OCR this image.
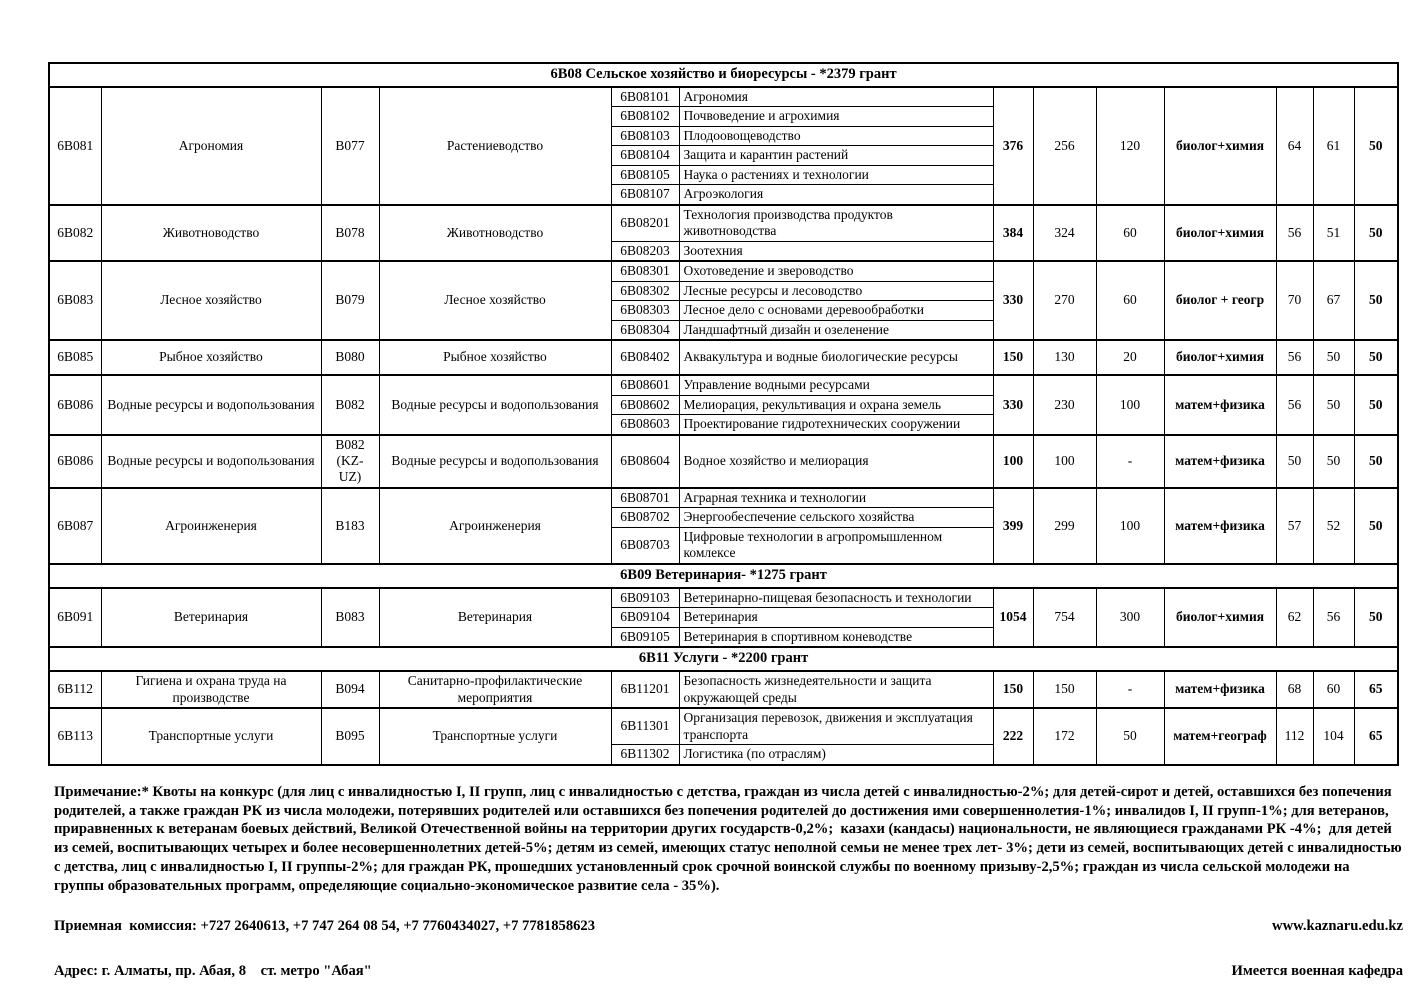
6В08 Сельское хозяйство и биоресурсы - *2379 грант												
6В081	Агрономия	В077	Растениеводство	6В08101	Агрономия	376	256	120	биолог+химия	64	61	50
				6В08102	Почвоведение и агрохимия							
				6В08103	Плодоовощеводство							
				6В08104	Защита и карантин растений							
				6В08105	Наука о растениях и технологии							
				6В08107	Агроэкология							
6В082	Животноводство	В078	Животноводство	6В08201	Технология производства продуктов животноводства	384	324	60	биолог+химия	56	51	50
				6В08203	Зоотехния							
6В083	Лесное хозяйство	В079	Лесное хозяйство	6В08301	Охотоведение и звероводство	330	270	60	биолог + геогр	70	67	50
				6В08302	Лесные ресурсы и лесоводство							
				6В08303	Лесное дело с основами деревообработки							
				6В08304	Ландшафтный дизайн и озеленение							
6В085	Рыбное хозяйство	В080	Рыбное хозяйство	6В08402	Аквакультура и водные биологические ресурсы	150	130	20	биолог+химия	56	50	50
6В086	Водные ресурсы и водопользования	В082	Водные ресурсы и водопользования	6В08601	Управление водными ресурсами	330	230	100	матем+физика	56	50	50
				6В08602	Мелиорация, рекультивация и охрана земель							
				6В08603	Проектирование гидротехнических сооружении							
6В086	Водные ресурсы и водопользования	В082 (KZ-UZ)	Водные ресурсы и водопользования	6В08604	Водное хозяйство и мелиорация	100	100	-	матем+физика	50	50	50
6В087	Агроинженерия	В183	Агроинженерия	6В08701	Аграрная техника и технологии	399	299	100	матем+физика	57	52	50
				6В08702	Энергообеспечение сельского хозяйства							
				6В08703	Цифровые технологии в агропромышленном комлексе							
6В09 Ветеринария- *1275 грант												
6В091	Ветеринария	В083	Ветеринария	6В09103	Ветеринарно-пищевая безопасность и технологии	1054	754	300	биолог+химия	62	56	50
				6В09104	Ветеринария							
				6В09105	Ветеринария в спортивном коневодстве							
6В11 Услуги - *2200 грант												
6В112	Гигиена и охрана труда на производстве	В094	Санитарно-профилактические мероприятия	6В11201	Безопасность жизнедеятельности и защита окружающей среды	150	150	-	матем+физика	68	60	65
6В113	Транспортные услуги	В095	Транспортные услуги	6В11301	Организация перевозок, движения и эксплуатация транспорта	222	172	50	матем+географ	112	104	65
				6В11302	Логистика (по отраслям)							
Примечание:* Квоты на конкурс (для лиц с инвалидностью I, II групп, лиц с инвалидностью с детства, граждан из числа детей с инвалидностью-2%; для детей-сирот и детей, оставшихся без попечения родителей, а также граждан РК из числа молодежи, потерявших родителей или оставшихся без попечения родителей до достижения ими совершеннолетия-1%; инвалидов I, II групп-1%; для ветеранов, приравненных к ветеранам боевых действий, Великой Отечественной войны на территории других государств-0,2%;  казахи (кандасы) национальности, не являющиеся гражданами РК -4%;  для детей из семей, воспитывающих четырех и более несовершеннолетних детей-5%; детям из семей, имеющих статус неполной семьи не менее трех лет- 3%; дети из семей, воспитывающих детей с инвалидностью с детства, лиц с инвалидностью I, II группы-2%; для граждан РК, прошедших установленный срок срочной воинской службы по военному призыву-2,5%; граждан из числа сельской молодежи на группы образовательных программ, определяющие социально-экономическое развитие села - 35%).
Приемная  комиссия: +727 2640613, +7 747 264 08 54, +7 7760434027, +7 7781858623	www.kaznaru.edu.kz
Адрес: г. Алматы, пр. Абая, 8    ст. метро "Абая"	Имеется военная кафедра
